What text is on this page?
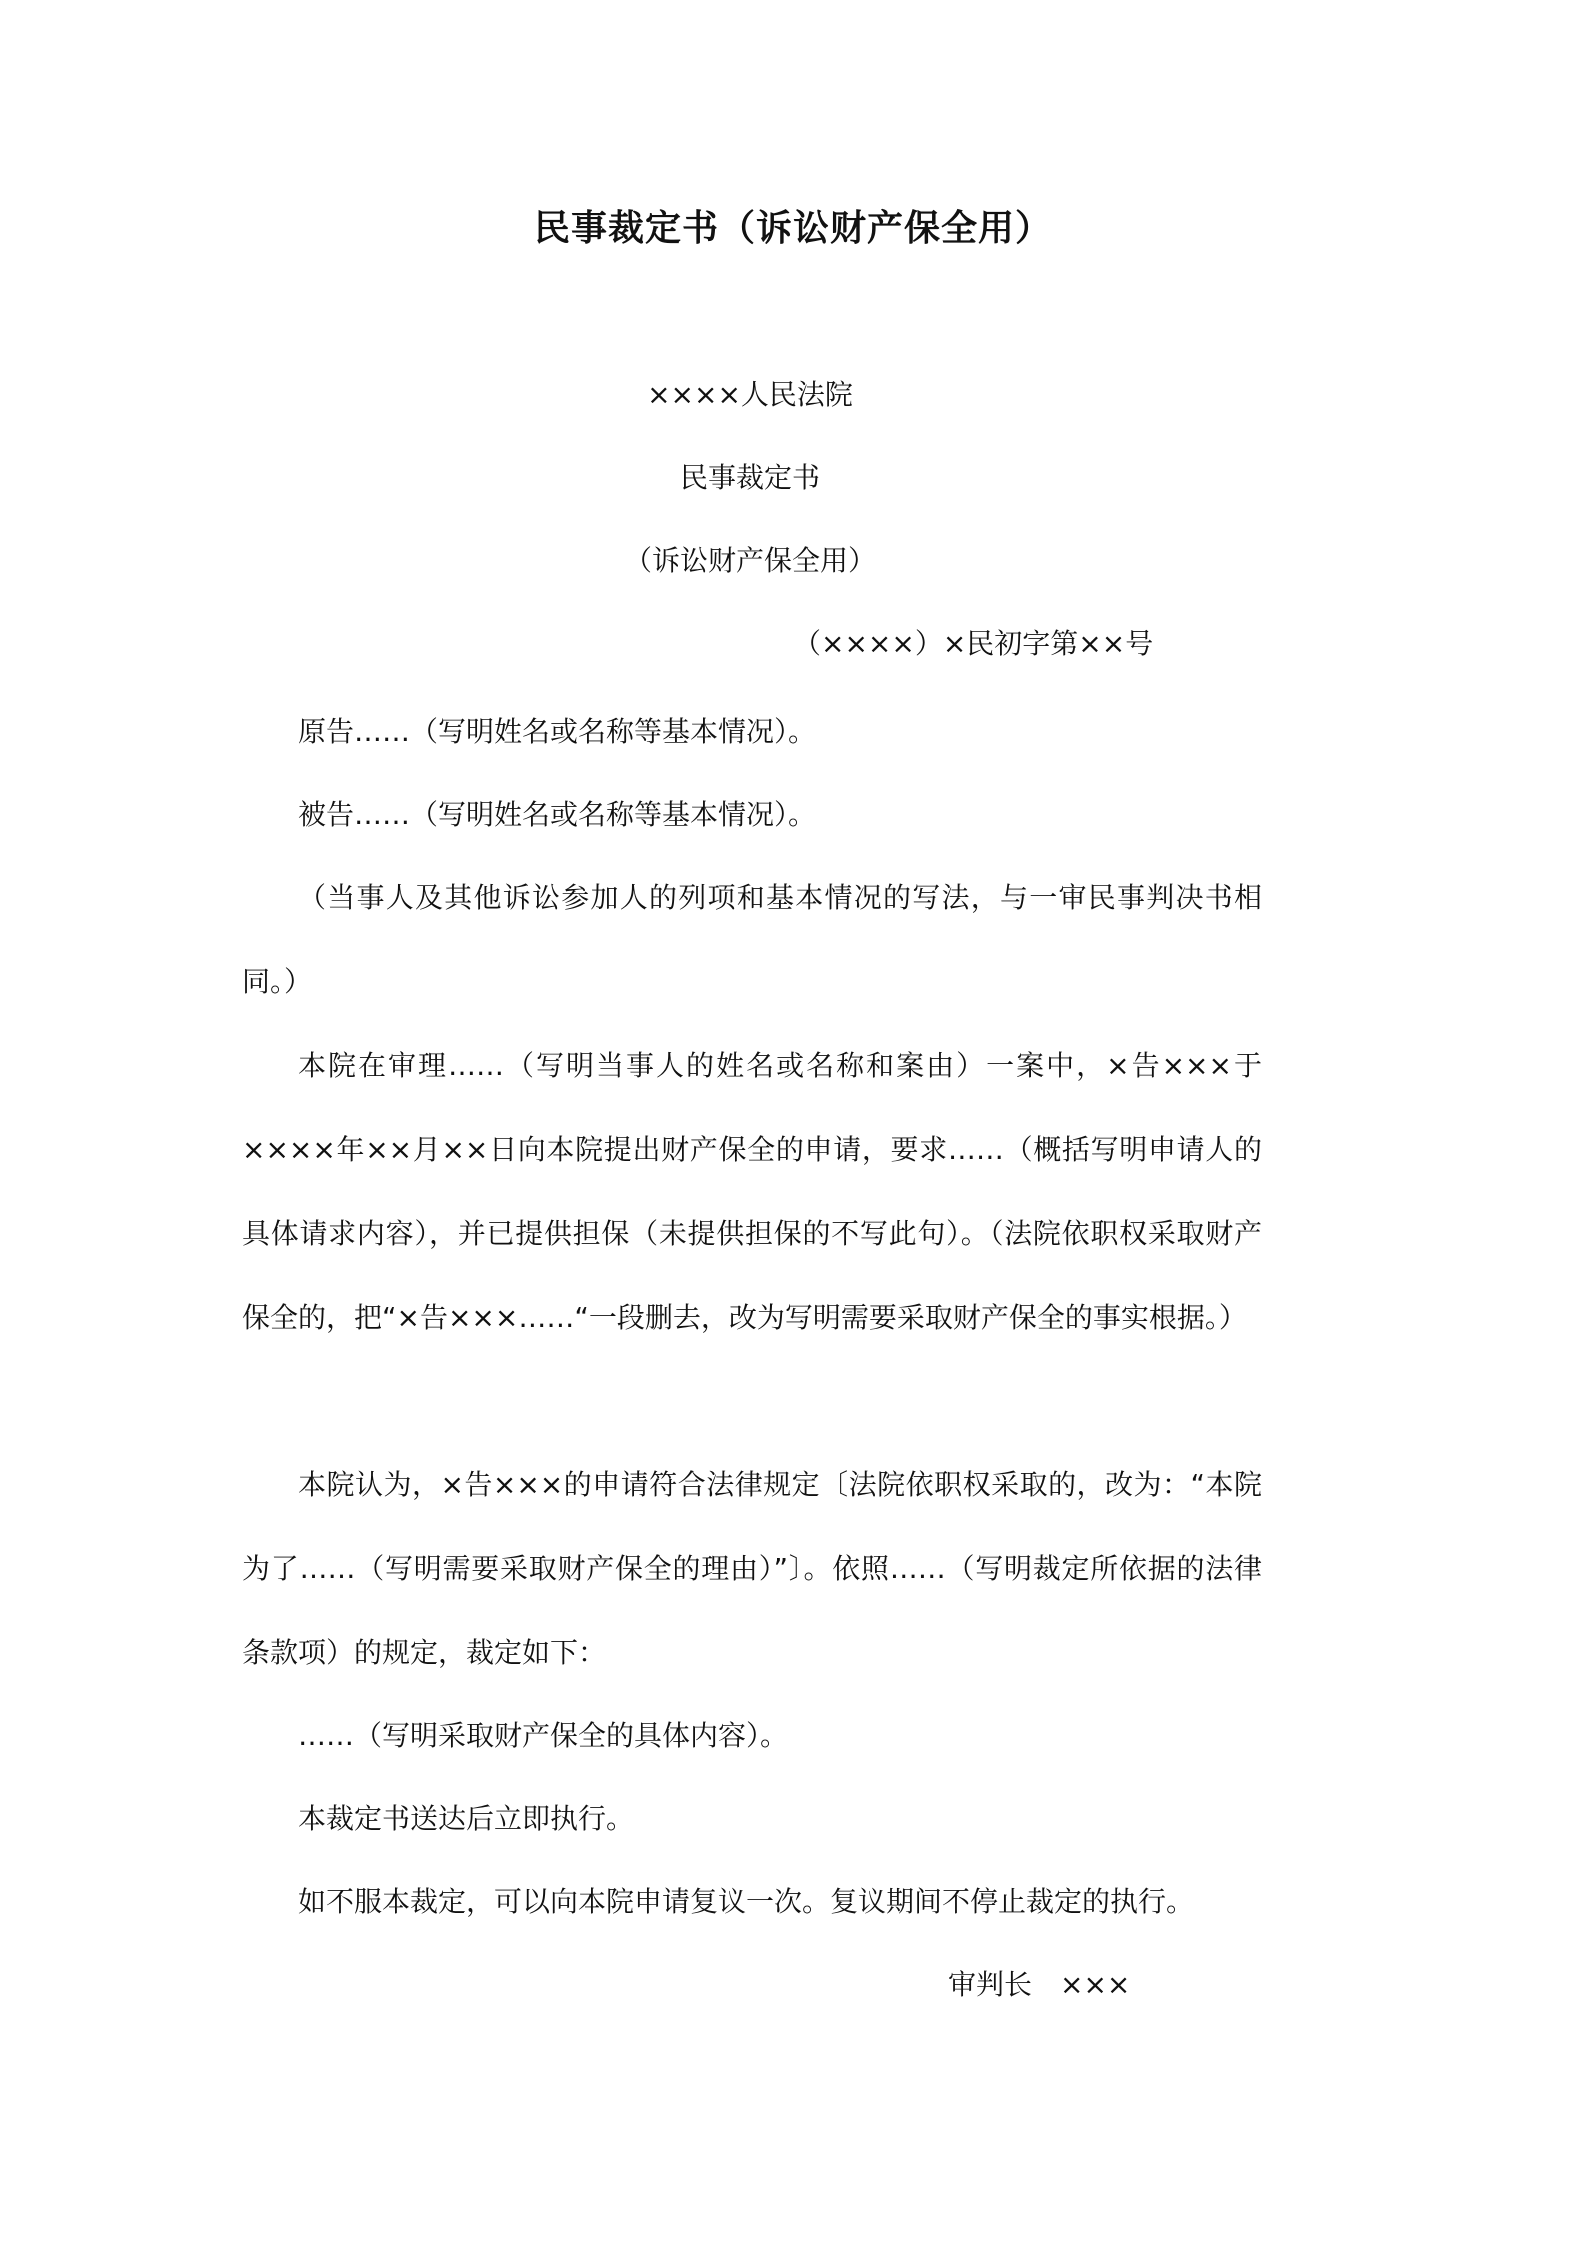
民事裁定书（诉讼财产保全用）
××××人民法院
民事裁定书
（诉讼财产保全用）
（××××）×民初字第××号
原告……（写明姓名或名称等基本情况）。
被告……（写明姓名或名称等基本情况）。
（当事人及其他诉讼参加人的列项和基本情况的写法，与一审民事判决书相同。）
本院在审理……（写明当事人的姓名或名称和案由）一案中，×告×××于××××年××月××日向本院提出财产保全的申请，要求……（概括写明申请人的具体请求内容），并已提供担保（未提供担保的不写此句）。（法院依职权采取财产保全的，把“×告×××……“一段删去，改为写明需要采取财产保全的事实根据。）
本院认为，×告×××的申请符合法律规定〔法院依职权采取的，改为：“本院为了……（写明需要采取财产保全的理由）”〕。依照……（写明裁定所依据的法律条款项）的规定，裁定如下：
……（写明采取财产保全的具体内容）。
本裁定书送达后立即执行。
如不服本裁定，可以向本院申请复议一次。复议期间不停止裁定的执行。
审判长　×××
